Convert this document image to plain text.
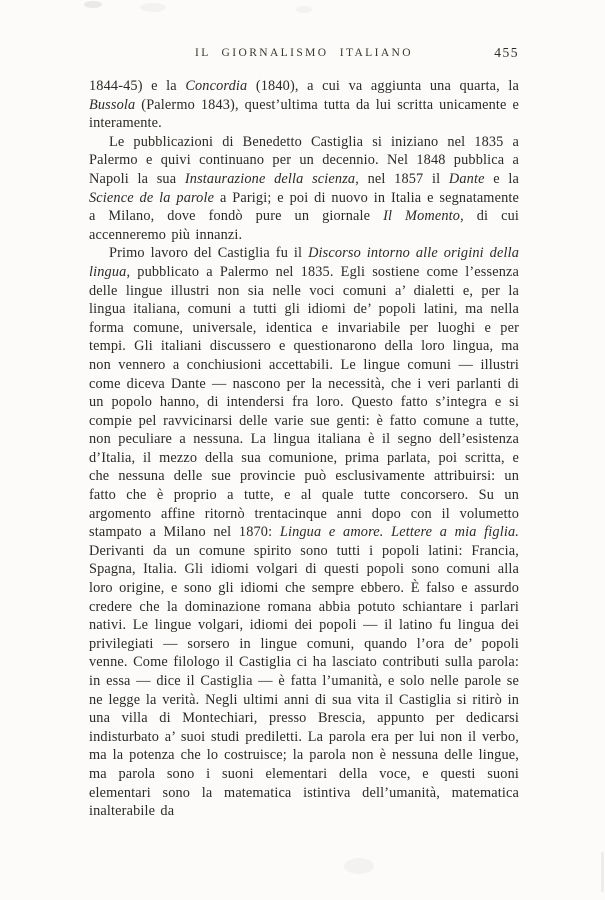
IL GIORNALISMO ITALIANO	455

1844-45) e la Concordia (1840), a cui va aggiunta una quarta, la Bussola (Palermo 1843), quest’ultima tutta da lui scritta unicamente e interamente.

Le pubblicazioni di Benedetto Castiglia si iniziano nel 1835 a Palermo e quivi continuano per un decennio. Nel 1848 pubblica a Napoli la sua Instaurazione della scienza, nel 1857 il Dante e la Science de la parole a Parigi; e poi di nuovo in Italia e segnatamente a Milano, dove fondò pure un giornale Il Momento, di cui accenneremo più innanzi.

Primo lavoro del Castiglia fu il Discorso intorno alle origini della lingua, pubblicato a Palermo nel 1835. Egli sostiene come l’essenza delle lingue illustri non sia nelle voci comuni a’ dialetti e, per la lingua italiana, comuni a tutti gli idiomi de’ popoli latini, ma nella forma comune, universale, identica e invariabile per luoghi e per tempi. Gli italiani discussero e questionarono della loro lingua, ma non vennero a conchiusioni accettabili. Le lingue comuni — illustri come diceva Dante — nascono per la necessità, che i veri parlanti di un popolo hanno, di intendersi fra loro. Questo fatto s’integra e si compie pel ravvicinarsi delle varie sue genti: è fatto comune a tutte, non peculiare a nessuna. La lingua italiana è il segno dell’esistenza d’Italia, il mezzo della sua comunione, prima parlata, poi scritta, e che nessuna delle sue provincie può esclusivamente attribuirsi: un fatto che è proprio a tutte, e al quale tutte concorsero. Su un argomento affine ritornò trentacinque anni dopo con il volumetto stampato a Milano nel 1870: Lingua e amore. Lettere a mia figlia. Derivanti da un comune spirito sono tutti i popoli latini: Francia, Spagna, Italia. Gli idiomi volgari di questi popoli sono comuni alla loro origine, e sono gli idiomi che sempre ebbero. È falso e assurdo credere che la dominazione romana abbia potuto schiantare i parlari nativi. Le lingue volgari, idiomi dei popoli — il latino fu lingua dei privilegiati — sorsero in lingue comuni, quando l’ora de’ popoli venne. Come filologo il Castiglia ci ha lasciato contributi sulla parola: in essa — dice il Castiglia — è fatta l’umanità, e solo nelle parole se ne legge la verità. Negli ultimi anni di sua vita il Castiglia si ritirò in una villa di Montechiari, presso Brescia, appunto per dedicarsi indisturbato a’ suoi studi prediletti. La parola era per lui non il verbo, ma la potenza che lo costruisce; la parola non è nessuna delle lingue, ma parola sono i suoni elementari della voce, e questi suoni elementari sono la matematica istintiva dell’umanità, matematica inalterabile da
